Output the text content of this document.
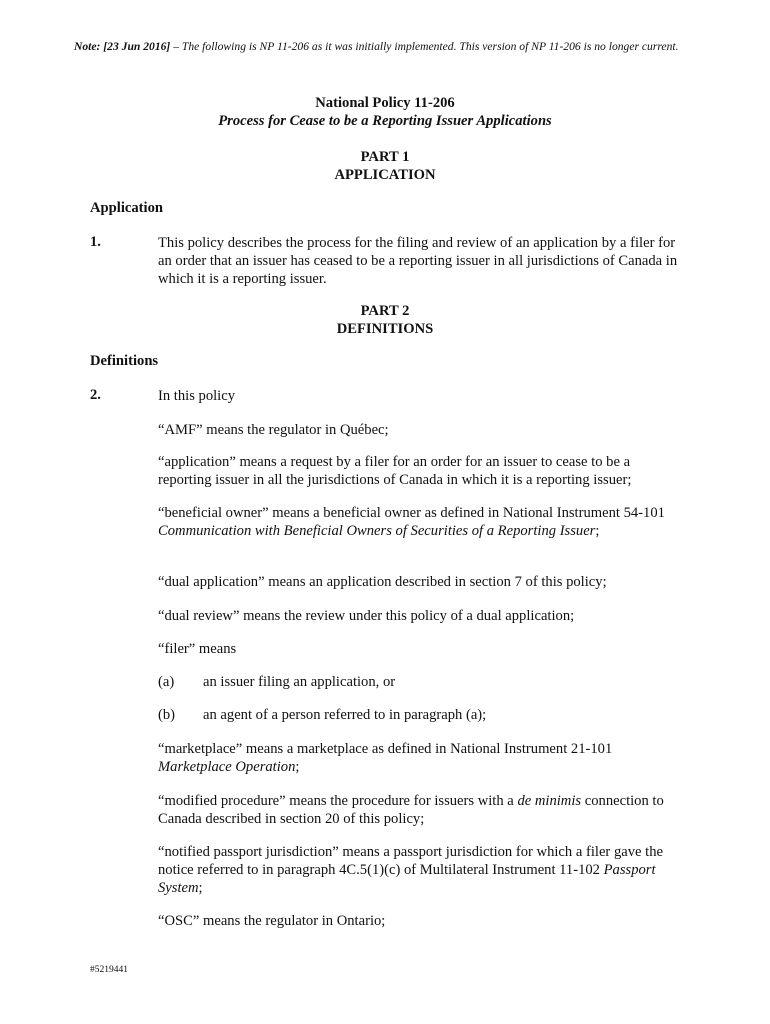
Note: [23 Jun 2016] – The following is NP 11-206 as it was initially implemented. This version of NP 11-206 is no longer current.
National Policy 11-206
Process for Cease to be a Reporting Issuer Applications
PART 1
APPLICATION
Application
1.	This policy describes the process for the filing and review of an application by a filer for an order that an issuer has ceased to be a reporting issuer in all jurisdictions of Canada in which it is a reporting issuer.
PART 2
DEFINITIONS
Definitions
2.	In this policy
“AMF” means the regulator in Québec;
“application” means a request by a filer for an order for an issuer to cease to be a reporting issuer in all the jurisdictions of Canada in which it is a reporting issuer;
“beneficial owner” means a beneficial owner as defined in National Instrument 54-101 Communication with Beneficial Owners of Securities of a Reporting Issuer;
“dual application” means an application described in section 7 of this policy;
“dual review” means the review under this policy of a dual application;
“filer” means
(a) an issuer filing an application, or
(b) an agent of a person referred to in paragraph (a);
“marketplace” means a marketplace as defined in National Instrument 21-101 Marketplace Operation;
“modified procedure” means the procedure for issuers with a de minimis connection to Canada described in section 20 of this policy;
“notified passport jurisdiction” means a passport jurisdiction for which a filer gave the notice referred to in paragraph 4C.5(1)(c) of Multilateral Instrument 11-102 Passport System;
“OSC” means the regulator in Ontario;
#5219441
